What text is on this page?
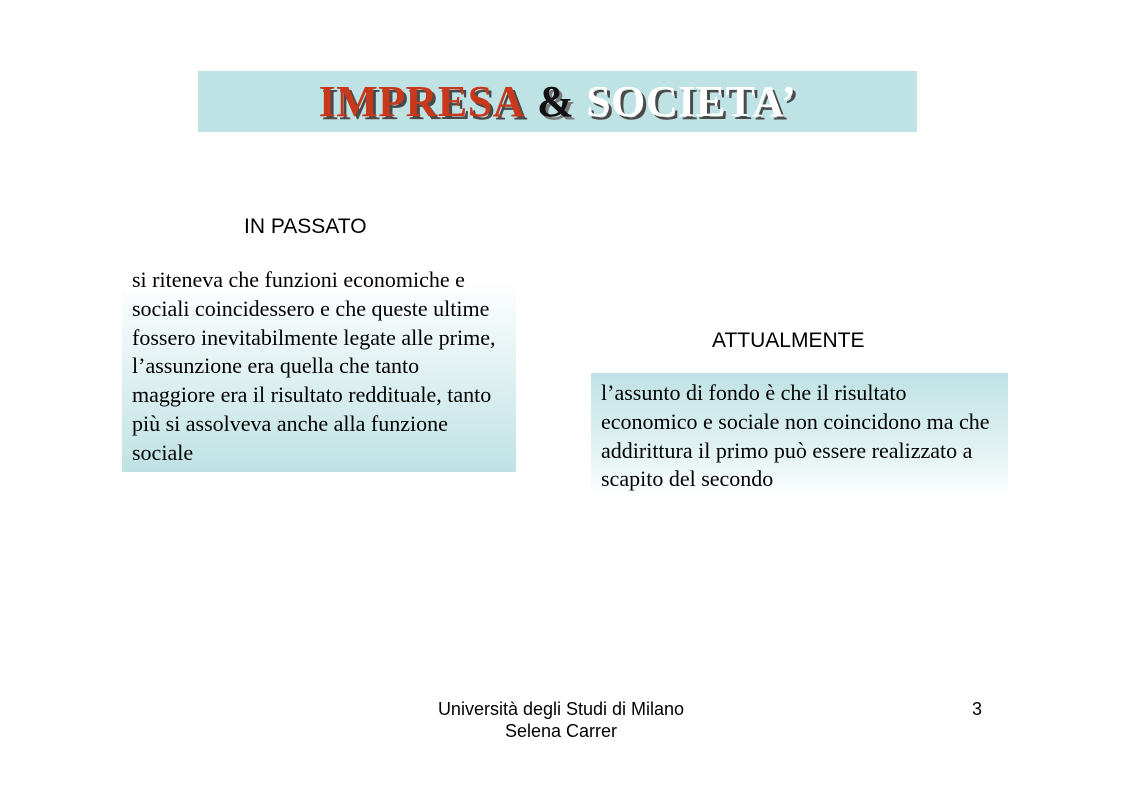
IMPRESA & SOCIETA’
IN PASSATO
si riteneva che funzioni economiche e sociali coincidessero e che queste ultime fossero inevitabilmente legate alle prime, l’assunzione era quella che tanto maggiore era il risultato reddituale, tanto più si assolveva anche alla funzione sociale
ATTUALMENTE
l’assunto di fondo è che il risultato economico e sociale non coincidono ma che addirittura il primo può essere realizzato a scapito del secondo
Università degli Studi di Milano
Selena Carrer
3
